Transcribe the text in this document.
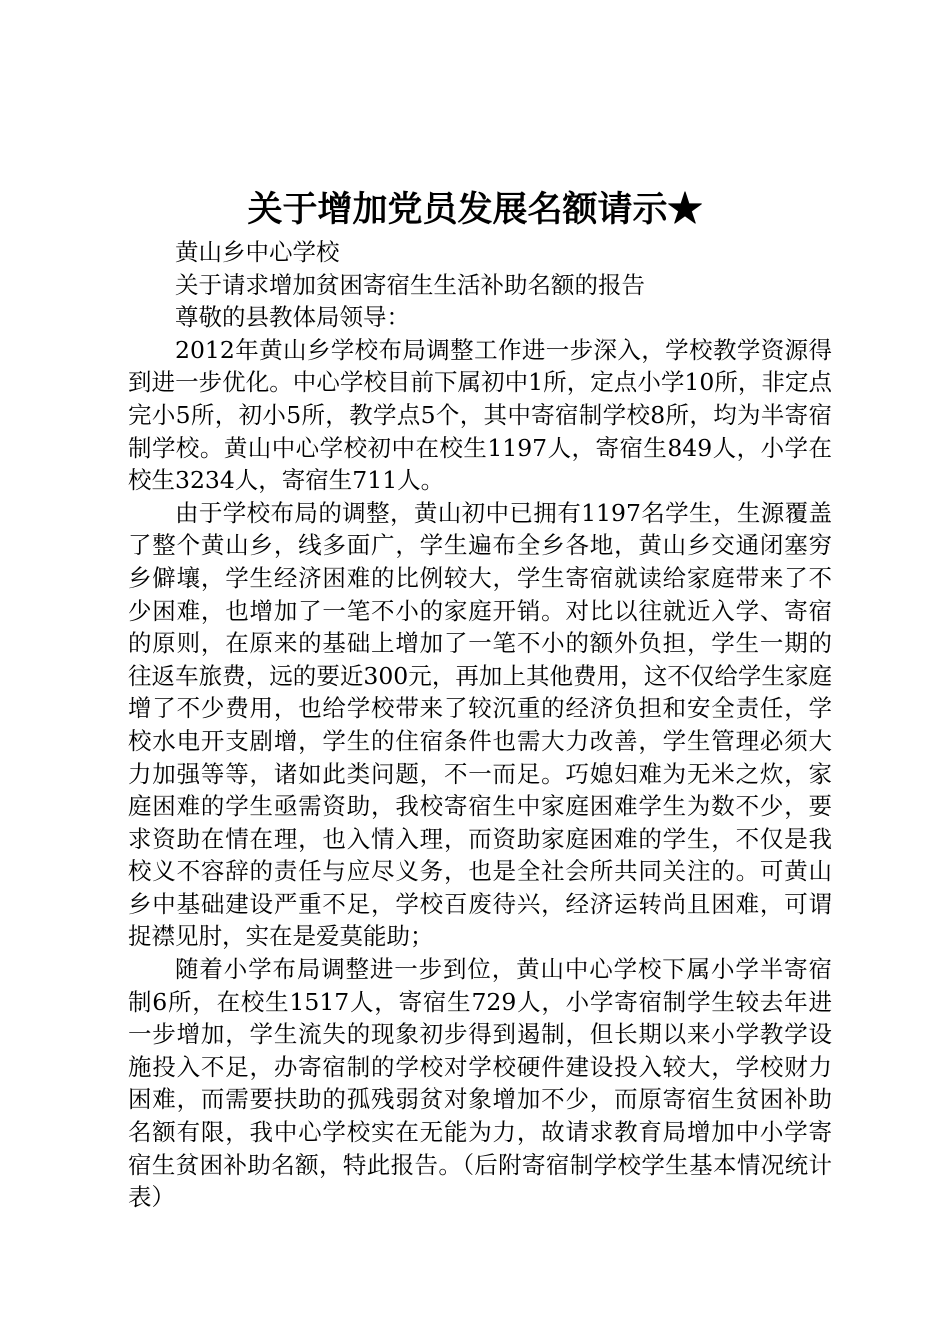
关于增加党员发展名额请示★

黄山乡中心学校

关于请求增加贫困寄宿生生活补助名额的报告

尊敬的县教体局领导：

2012年黄山乡学校布局调整工作进一步深入，学校教学资源得到进一步优化。中心学校目前下属初中1所，定点小学10所，非定点完小5所，初小5所，教学点5个，其中寄宿制学校8所，均为半寄宿制学校。黄山中心学校初中在校生1197人，寄宿生849人，小学在校生3234人，寄宿生711人。

由于学校布局的调整，黄山初中已拥有1197名学生，生源覆盖了整个黄山乡，线多面广，学生遍布全乡各地，黄山乡交通闭塞穷乡僻壤，学生经济困难的比例较大，学生寄宿就读给家庭带来了不少困难，也增加了一笔不小的家庭开销。对比以往就近入学、寄宿的原则，在原来的基础上增加了一笔不小的额外负担，学生一期的往返车旅费，远的要近300元，再加上其他费用，这不仅给学生家庭增了不少费用，也给学校带来了较沉重的经济负担和安全责任，学校水电开支剧增，学生的住宿条件也需大力改善，学生管理必须大力加强等等，诸如此类问题，不一而足。巧媳妇难为无米之炊，家庭困难的学生亟需资助，我校寄宿生中家庭困难学生为数不少，要求资助在情在理，也入情入理，而资助家庭困难的学生，不仅是我校义不容辞的责任与应尽义务，也是全社会所共同关注的。可黄山乡中基础建设严重不足，学校百废待兴，经济运转尚且困难，可谓捉襟见肘，实在是爱莫能助；

随着小学布局调整进一步到位，黄山中心学校下属小学半寄宿制6所，在校生1517人，寄宿生729人，小学寄宿制学生较去年进一步增加，学生流失的现象初步得到遏制，但长期以来小学教学设施投入不足，办寄宿制的学校对学校硬件建设投入较大，学校财力困难，而需要扶助的孤残弱贫对象增加不少，而原寄宿生贫困补助名额有限，我中心学校实在无能为力，故请求教育局增加中小学寄宿生贫困补助名额，特此报告。（后附寄宿制学校学生基本情况统计表）
